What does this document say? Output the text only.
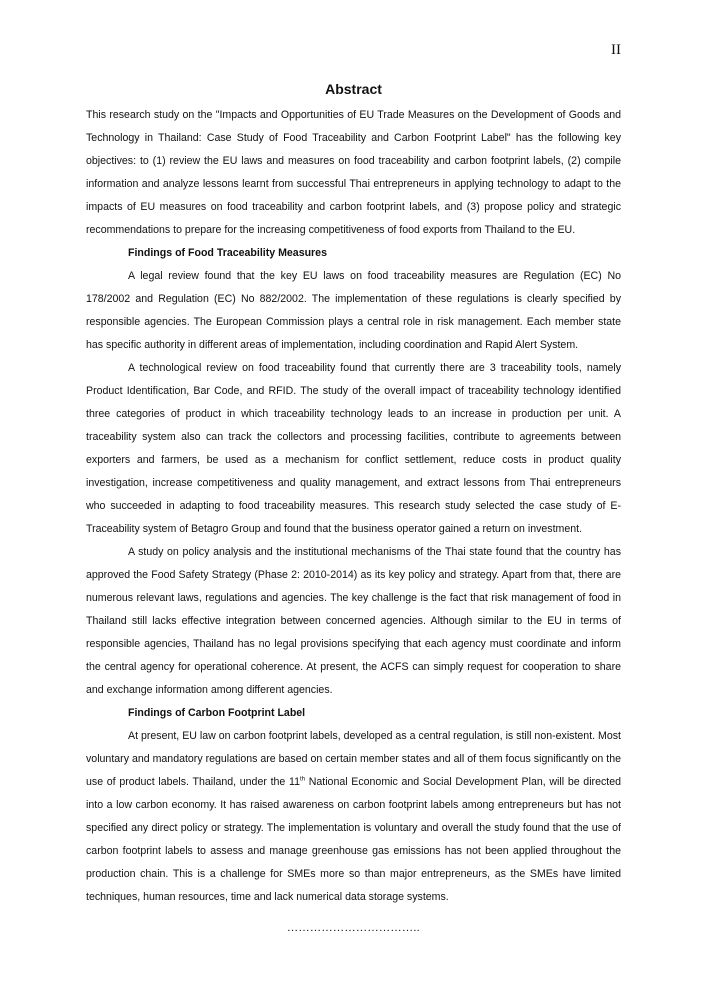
II
Abstract

This research study on the "Impacts and Opportunities of EU Trade Measures on the Development of Goods and Technology in Thailand: Case Study of Food Traceability and Carbon Footprint Label" has the following key objectives: to (1) review the EU laws and measures on food traceability and carbon footprint labels, (2) compile information and analyze lessons learnt from successful Thai entrepreneurs in applying technology to adapt to the impacts of EU measures on food traceability and carbon footprint labels, and (3) propose policy and strategic recommendations to prepare for the increasing competitiveness of food exports from Thailand to the EU.

Findings of Food Traceability Measures

A legal review found that the key EU laws on food traceability measures are Regulation (EC) No 178/2002 and Regulation (EC) No 882/2002. The implementation of these regulations is clearly specified by responsible agencies. The European Commission plays a central role in risk management. Each member state has specific authority in different areas of implementation, including coordination and Rapid Alert System.

A technological review on food traceability found that currently there are 3 traceability tools, namely Product Identification, Bar Code, and RFID. The study of the overall impact of traceability technology identified three categories of product in which traceability technology leads to an increase in production per unit. A traceability system also can track the collectors and processing facilities, contribute to agreements between exporters and farmers, be used as a mechanism for conflict settlement, reduce costs in product quality investigation, increase competitiveness and quality management, and extract lessons from Thai entrepreneurs who succeeded in adapting to food traceability measures. This research study selected the case study of E-Traceability system of Betagro Group and found that the business operator gained a return on investment.

A study on policy analysis and the institutional mechanisms of the Thai state found that the country has approved the Food Safety Strategy (Phase 2: 2010-2014) as its key policy and strategy. Apart from that, there are numerous relevant laws, regulations and agencies. The key challenge is the fact that risk management of food in Thailand still lacks effective integration between concerned agencies. Although similar to the EU in terms of responsible agencies, Thailand has no legal provisions specifying that each agency must coordinate and inform the central agency for operational coherence. At present, the ACFS can simply request for cooperation to share and exchange information among different agencies.

Findings of Carbon Footprint Label

At present, EU law on carbon footprint labels, developed as a central regulation, is still non-existent. Most voluntary and mandatory regulations are based on certain member states and all of them focus significantly on the use of product labels. Thailand, under the 11th National Economic and Social Development Plan, will be directed into a low carbon economy. It has raised awareness on carbon footprint labels among entrepreneurs but has not specified any direct policy or strategy. The implementation is voluntary and overall the study found that the use of carbon footprint labels to assess and manage greenhouse gas emissions has not been applied throughout the production chain. This is a challenge for SMEs more so than major entrepreneurs, as the SMEs have limited techniques, human resources, time and lack numerical data storage systems.

……………………………..
